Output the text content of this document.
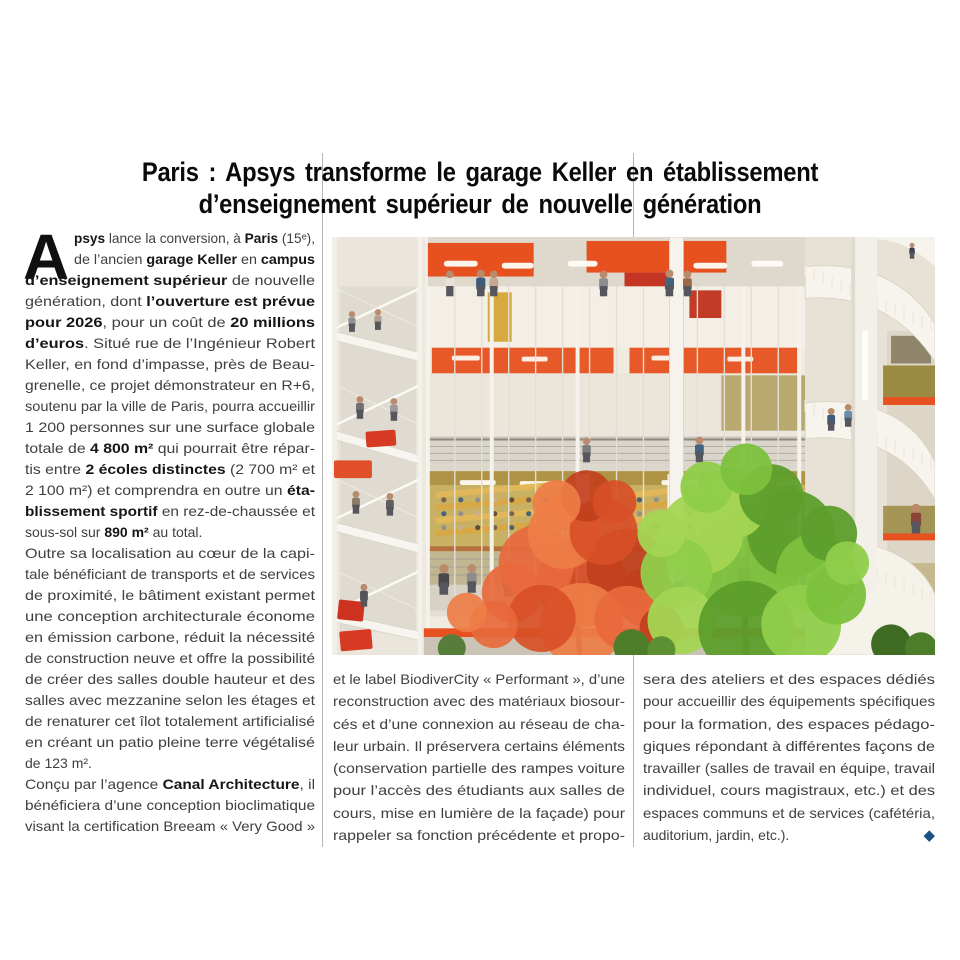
Paris : Apsys transforme le garage Keller en établissement
d’enseignement supérieur de nouvelle génération
A psys lance la conversion, à Paris (15ᵉ),
de l’ancien garage Keller en campus
d’enseignement supérieur de nouvelle
génération, dont l’ouverture est prévue
pour 2026, pour un coût de 20 millions
d’euros. Situé rue de l’Ingénieur Robert
Keller, en fond d’impasse, près de Beau-
grenelle, ce projet démonstrateur en R+6,
soutenu par la ville de Paris, pourra accueillir
1 200 personnes sur une surface globale
totale de 4 800 m² qui pourrait être répar-
tis entre 2 écoles distinctes (2 700 m² et
2 100 m²) et comprendra en outre un éta-
blissement sportif en rez-de-chaussée et
sous-sol sur 890 m² au total.
Outre sa localisation au cœur de la capi-
tale bénéficiant de transports et de services
de proximité, le bâtiment existant permet
une conception architecturale économe
en émission carbone, réduit la nécessité
de construction neuve et offre la possibilité
de créer des salles double hauteur et des
salles avec mezzanine selon les étages et
de renaturer cet îlot totalement artificialisé
en créant un patio pleine terre végétalisé
de 123 m².
Conçu par l’agence Canal Architecture, il
bénéficiera d’une conception bioclimatique
visant la certification Breeam « Very Good »
et le label BiodiverCity « Performant », d’une
reconstruction avec des matériaux biosour-
cés et d’une connexion au réseau de cha-
leur urbain. Il préservera certains éléments
(conservation partielle des rampes voiture
pour l’accès des étudiants aux salles de
cours, mise en lumière de la façade) pour
rappeler sa fonction précédente et propo-
sera des ateliers et des espaces dédiés
pour accueillir des équipements spécifiques
pour la formation, des espaces pédago-
giques répondant à différentes façons de
travailler (salles de travail en équipe, travail
individuel, cours magistraux, etc.) et des
espaces communs et de services (cafétéria,
auditorium, jardin, etc.).	◆
